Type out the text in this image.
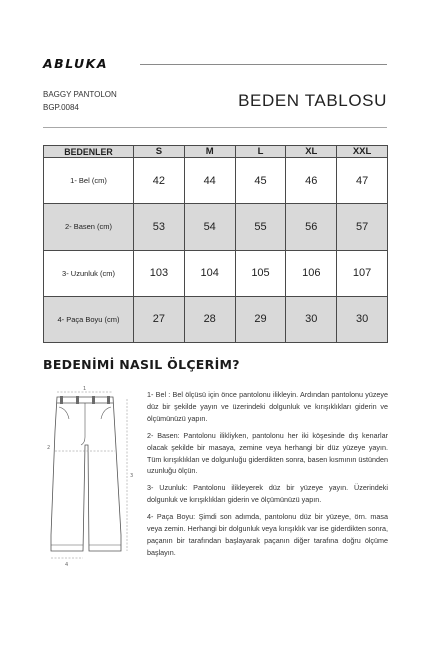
ABLUKA
BAGGY PANTOLON
BGP.0084	BEDEN TABLOSU
BEDENLER	S	M	L	XL	XXL
1- Bel (cm)	42	44	45	46	47
2- Basen (cm)	53	54	55	56	57
3- Uzunluk (cm)	103	104	105	106	107
4- Paça Boyu (cm)	27	28	29	30	30
BEDENİMİ NASIL ÖLÇERİM?
1
2
3
4

1- Bel : Bel ölçüsü için önce pantolonu ilikleyin. Ardından pantolonu yüzeye düz bir şekilde yayın ve üzerindeki dolgunluk ve kırışıklıkları giderin ve ölçümünüzü yapın.

2- Basen: Pantolonu ilikliyken, pantolonu her iki köşesinde dış kenarlar olacak şekilde bir masaya, zemine veya herhangi bir düz yüzeye yayın. Tüm kırışıklıkları ve dolgunluğu giderdikten sonra, basen kısmının üstünden uzunluğu ölçün.

3- Uzunluk: Pantolonu ilikleyerek düz bir yüzeye yayın. Üzerindeki dolgunluk ve kırışıklıkları giderin ve ölçümünüzü yapın.

4- Paça Boyu: Şimdi son adımda, pantolonu düz bir yüzeye, örn. masa veya zemin. Herhangi bir dolgunluk veya kırışıklık var ise giderdikten sonra, paçanın bir tarafından başlayarak paçanın diğer tarafına doğru ölçüme başlayın.
